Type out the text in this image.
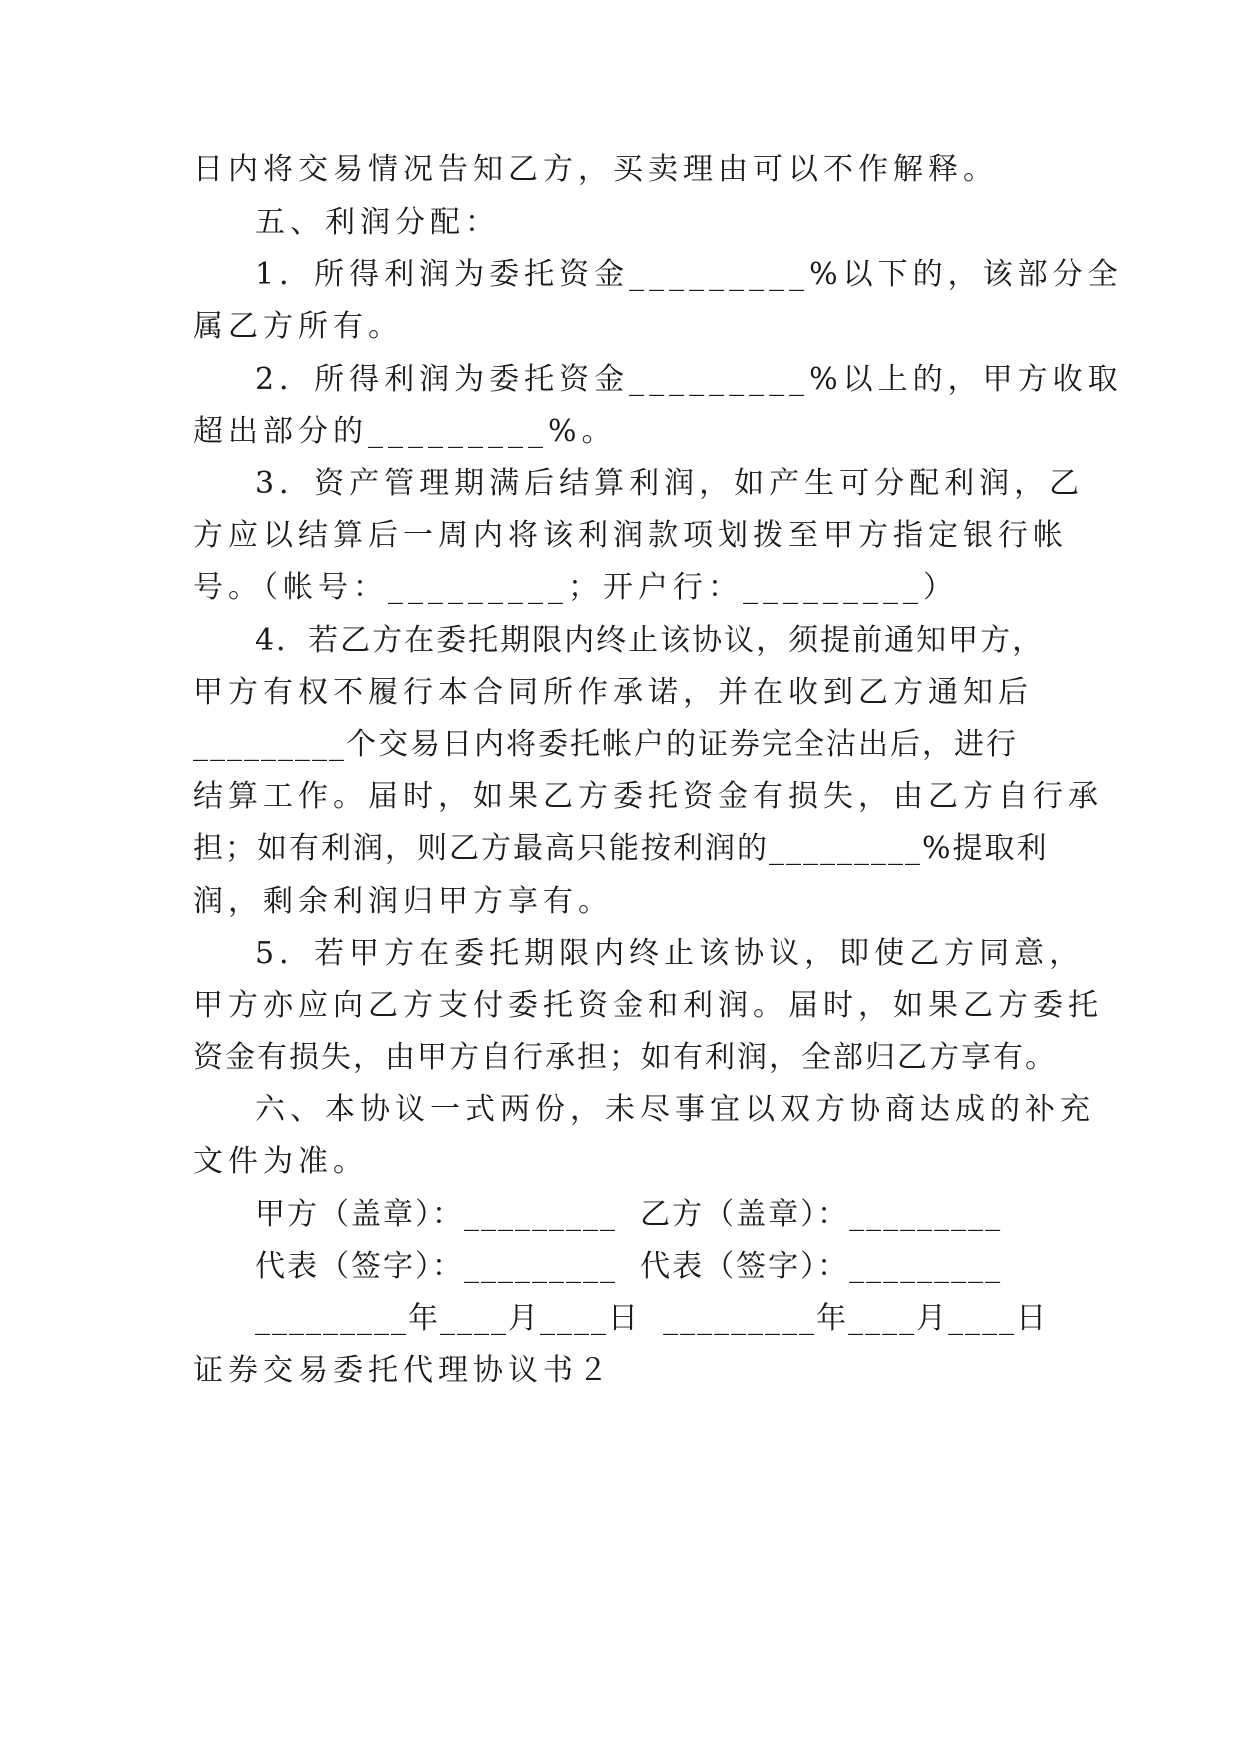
日内将交易情况告知乙方，买卖理由可以不作解释。
五、利润分配：
1．所得利润为委托资金_________%以下的，该部分全
属乙方所有。
2．所得利润为委托资金_________%以上的，甲方收取
超出部分的_________%。
3．资产管理期满后结算利润，如产生可分配利润，乙
方应以结算后一周内将该利润款项划拨至甲方指定银行帐
号。（帐号：_________；开户行：_________）
4．若乙方在委托期限内终止该协议，须提前通知甲方，
甲方有权不履行本合同所作承诺，并在收到乙方通知后
_________个交易日内将委托帐户的证券完全沽出后，进行
结算工作。届时，如果乙方委托资金有损失，由乙方自行承
担；如有利润，则乙方最高只能按利润的_________%提取利
润，剩余利润归甲方享有。
5．若甲方在委托期限内终止该协议，即使乙方同意，
甲方亦应向乙方支付委托资金和利润。届时，如果乙方委托
资金有损失，由甲方自行承担；如有利润，全部归乙方享有。
六、本协议一式两份，未尽事宜以双方协商达成的补充
文件为准。
甲方（盖章）：_________  乙方（盖章）：_________
代表（签字）：_________  代表（签字）：_________
_________年____月____日  _________年____月____日
证券交易委托代理协议书２
